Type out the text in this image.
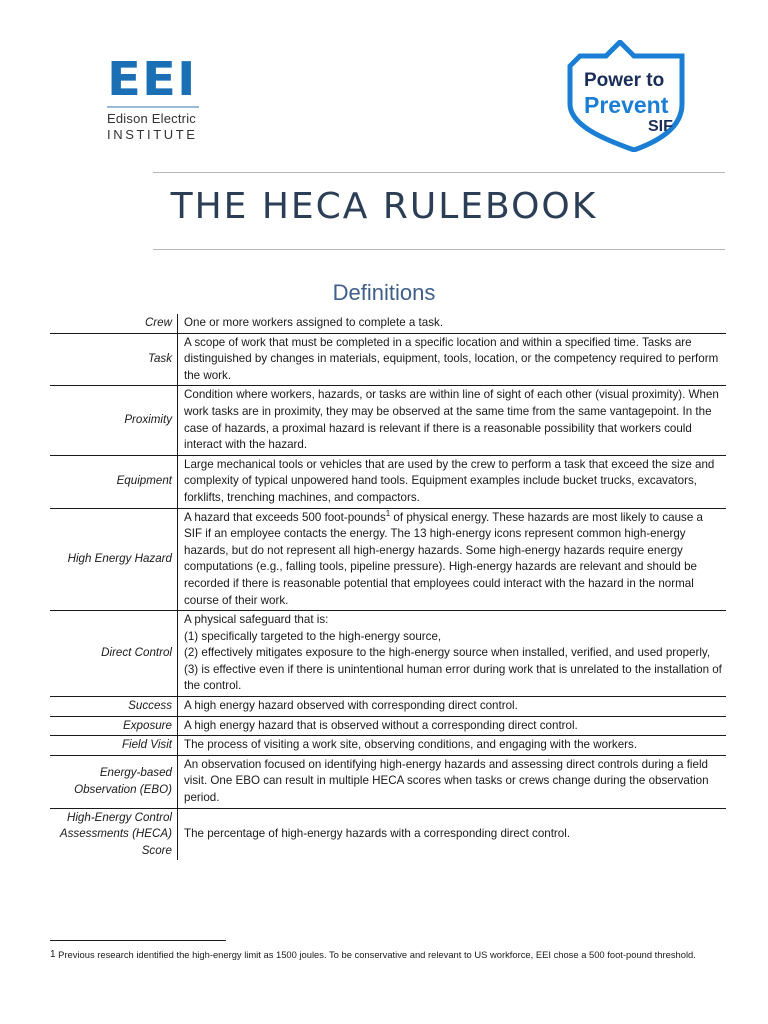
EEI
Edison Electric
INSTITUTE
Power to
Prevent
SIF
THE HECA RULEBOOK
Definitions
Crew	One or more workers assigned to complete a task.
Task	A scope of work that must be completed in a specific location and within a specified time. Tasks are distinguished by changes in materials, equipment, tools, location, or the competency required to perform the work.
Proximity	Condition where workers, hazards, or tasks are within line of sight of each other (visual proximity). When work tasks are in proximity, they may be observed at the same time from the same vantagepoint. In the case of hazards, a proximal hazard is relevant if there is a reasonable possibility that workers could interact with the hazard.
Equipment	Large mechanical tools or vehicles that are used by the crew to perform a task that exceed the size and complexity of typical unpowered hand tools. Equipment examples include bucket trucks, excavators, forklifts, trenching machines, and compactors.
High Energy Hazard	A hazard that exceeds 500 foot-pounds$^1$ of physical energy. These hazards are most likely to cause a SIF if an employee contacts the energy. The 13 high-energy icons represent common high-energy hazards, but do not represent all high-energy hazards. Some high-energy hazards require energy computations (e.g., falling tools, pipeline pressure). High-energy hazards are relevant and should be recorded if there is reasonable potential that employees could interact with the hazard in the normal course of their work.
Direct Control	A physical safeguard that is:
(1) specifically targeted to the high-energy source,
(2) effectively mitigates exposure to the high-energy source when installed, verified, and used properly,
(3) is effective even if there is unintentional human error during work that is unrelated to the installation of the control.

Success	A high energy hazard observed with corresponding direct control.
Exposure	A high energy hazard that is observed without a corresponding direct control.
Field Visit	The process of visiting a work site, observing conditions, and engaging with the workers.
Energy-based Observation (EBO)	An observation focused on identifying high-energy hazards and assessing direct controls during a field visit. One EBO can result in multiple HECA scores when tasks or crews change during the observation period.
High-Energy Control Assessments (HECA) Score	The percentage of high-energy hazards with a corresponding direct control.
1 Previous research identified the high-energy limit as 1500 joules. To be conservative and relevant to US workforce, EEI chose a 500 foot-pound threshold.
